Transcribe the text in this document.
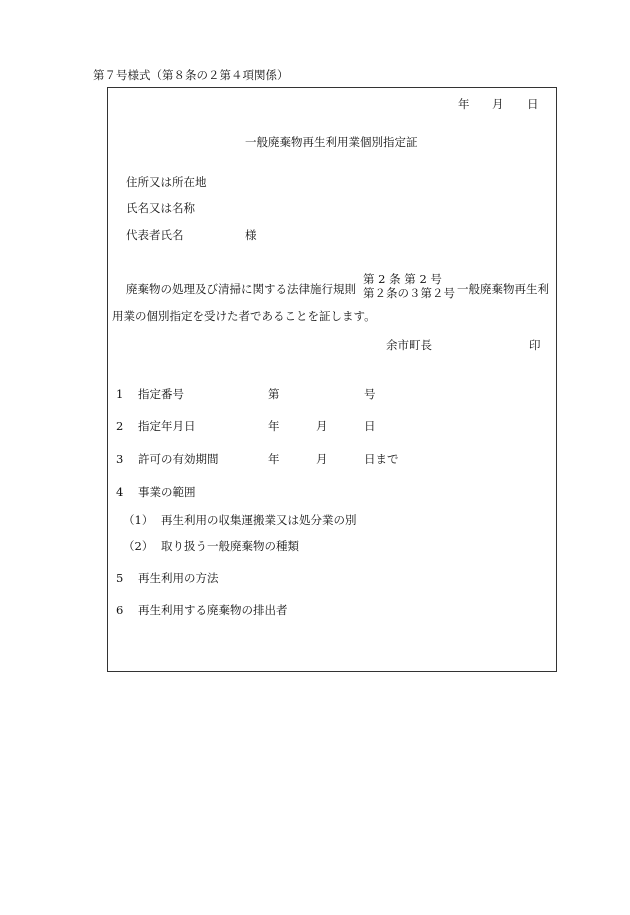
第７号様式（第８条の２第４項関係）
年 月 日
一般廃棄物再生利用業個別指定証
住所又は所在地
氏名又は名称
代表者氏名	様
廃棄物の処理及び清掃に関する法律施行規則
第 2 条 第 2 号
第２条の３第２号 一般廃棄物再生利
用業の個別指定を受けた者であることを証します。
余市町長	印
1 指定番号	第	号
2 指定年月日	年	月	日
3 許可の有効期間	年	月	日まで
4 事業の範囲
（1） 再生利用の収集運搬業又は処分業の別
（2） 取り扱う一般廃棄物の種類
5 再生利用の方法
6 再生利用する廃棄物の排出者
